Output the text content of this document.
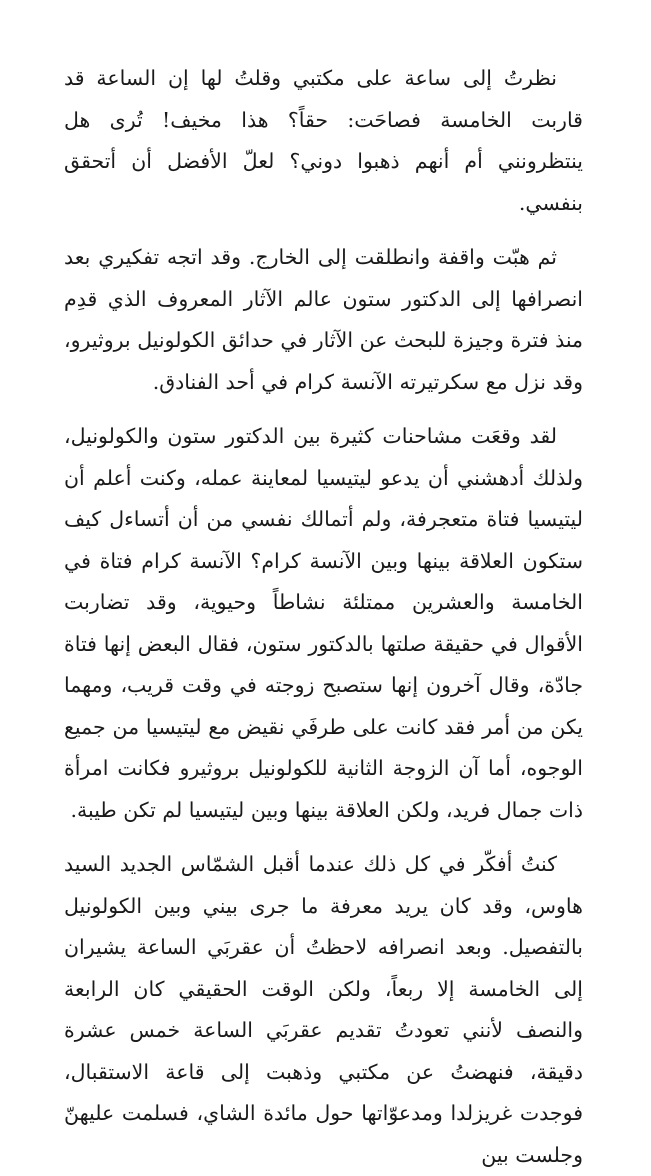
نظرتُ إلى ساعة على مكتبي وقلتُ لها إن الساعة قد قاربت الخامسة فصاحَت: حقاً؟ هذا مخيف! تُرى هل ينتظرونني أم أنهم ذهبوا دوني؟ لعلّ الأفضل أن أتحقق بنفسي.

ثم هبّت واقفة وانطلقت إلى الخارج. وقد اتجه تفكيري بعد انصرافها إلى الدكتور ستون عالم الآثار المعروف الذي قدِم منذ فترة وجيزة للبحث عن الآثار في حدائق الكولونيل بروثيرو، وقد نزل مع سكرتيرته الآنسة كرام في أحد الفنادق.

لقد وقعَت مشاحنات كثيرة بين الدكتور ستون والكولونيل، ولذلك أدهشني أن يدعو ليتيسيا لمعاينة عمله، وكنت أعلم أن ليتيسيا فتاة متعجرفة، ولم أتمالك نفسي من أن أتساءل كيف ستكون العلاقة بينها وبين الآنسة كرام؟ الآنسة كرام فتاة في الخامسة والعشرين ممتلئة نشاطاً وحيوية، وقد تضاربت الأقوال في حقيقة صلتها بالدكتور ستون، فقال البعض إنها فتاة جادّة، وقال آخرون إنها ستصبح زوجته في وقت قريب، ومهما يكن من أمر فقد كانت على طرفَي نقيض مع ليتيسيا من جميع الوجوه، أما آن الزوجة الثانية للكولونيل بروثيرو فكانت امرأة ذات جمال فريد، ولكن العلاقة بينها وبين ليتيسيا لم تكن طيبة.

كنتُ أفكّر في كل ذلك عندما أقبل الشمّاس الجديد السيد هاوس، وقد كان يريد معرفة ما جرى بيني وبين الكولونيل بالتفصيل. وبعد انصرافه لاحظتُ أن عقربَي الساعة يشيران إلى الخامسة إلا ربعاً، ولكن الوقت الحقيقي كان الرابعة والنصف لأنني تعودتُ تقديم عقربَي الساعة خمس عشرة دقيقة، فنهضتُ عن مكتبي وذهبت إلى قاعة الاستقبال، فوجدت غريزلدا ومدعوّاتها حول مائدة الشاي، فسلمت عليهنّ وجلست بين
